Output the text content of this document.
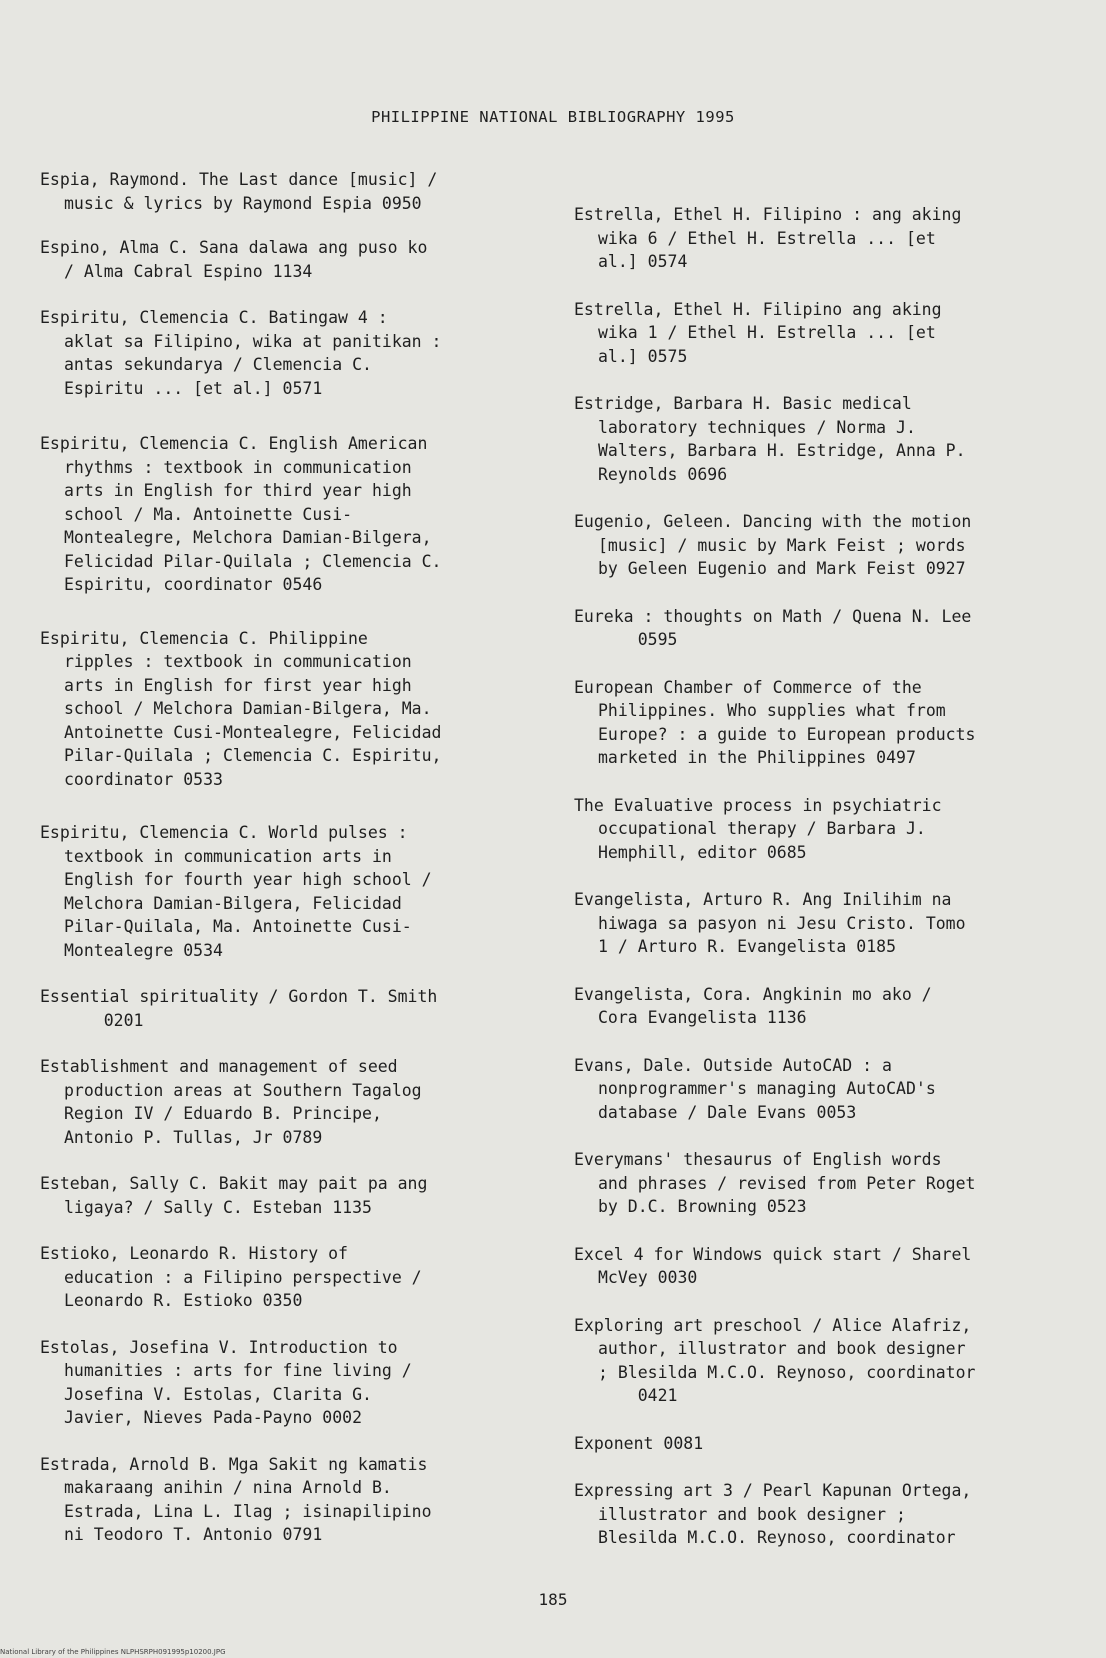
PHILIPPINE NATIONAL BIBLIOGRAPHY 1995

Espia, Raymond. The Last dance [music] /
music & lyrics by Raymond Espia 0950

Espino, Alma C. Sana dalawa ang puso ko
/ Alma Cabral Espino 1134

Espiritu, Clemencia C. Batingaw 4 :
aklat sa Filipino, wika at panitikan :
antas sekundarya / Clemencia C.
Espiritu ... [et al.] 0571

Espiritu, Clemencia C. English American
rhythms : textbook in communication
arts in English for third year high
school / Ma. Antoinette Cusi-
Montealegre, Melchora Damian-Bilgera,
Felicidad Pilar-Quilala ; Clemencia C.
Espiritu, coordinator 0546

Espiritu, Clemencia C. Philippine
ripples : textbook in communication
arts in English for first year high
school / Melchora Damian-Bilgera, Ma.
Antoinette Cusi-Montealegre, Felicidad
Pilar-Quilala ; Clemencia C. Espiritu,
coordinator 0533

Espiritu, Clemencia C. World pulses :
textbook in communication arts in
English for fourth year high school /
Melchora Damian-Bilgera, Felicidad
Pilar-Quilala, Ma. Antoinette Cusi-
Montealegre 0534

Essential spirituality / Gordon T. Smith
0201

Establishment and management of seed
production areas at Southern Tagalog
Region IV / Eduardo B. Principe,
Antonio P. Tullas, Jr 0789

Esteban, Sally C. Bakit may pait pa ang
ligaya? / Sally C. Esteban 1135

Estioko, Leonardo R. History of
education : a Filipino perspective /
Leonardo R. Estioko 0350

Estolas, Josefina V. Introduction to
humanities : arts for fine living /
Josefina V. Estolas, Clarita G.
Javier, Nieves Pada-Payno 0002

Estrada, Arnold B. Mga Sakit ng kamatis
makaraang anihin / nina Arnold B.
Estrada, Lina L. Ilag ; isinapilipino
ni Teodoro T. Antonio 0791

Estrella, Ethel H. Filipino : ang aking
wika 6 / Ethel H. Estrella ... [et
al.] 0574

Estrella, Ethel H. Filipino ang aking
wika 1 / Ethel H. Estrella ... [et
al.] 0575

Estridge, Barbara H. Basic medical
laboratory techniques / Norma J.
Walters, Barbara H. Estridge, Anna P.
Reynolds 0696

Eugenio, Geleen. Dancing with the motion
[music] / music by Mark Feist ; words
by Geleen Eugenio and Mark Feist 0927

Eureka : thoughts on Math / Quena N. Lee
0595

European Chamber of Commerce of the
Philippines. Who supplies what from
Europe? : a guide to European products
marketed in the Philippines 0497

The Evaluative process in psychiatric
occupational therapy / Barbara J.
Hemphill, editor 0685

Evangelista, Arturo R. Ang Inilihim na
hiwaga sa pasyon ni Jesu Cristo. Tomo
1 / Arturo R. Evangelista 0185

Evangelista, Cora. Angkinin mo ako /
Cora Evangelista 1136

Evans, Dale. Outside AutoCAD : a
nonprogrammer's managing AutoCAD's
database / Dale Evans 0053

Everymans' thesaurus of English words
and phrases / revised from Peter Roget
by D.C. Browning 0523

Excel 4 for Windows quick start / Sharel
McVey 0030

Exploring art preschool / Alice Alafriz,
author, illustrator and book designer
; Blesilda M.C.O. Reynoso, coordinator
0421

Exponent 0081

Expressing art 3 / Pearl Kapunan Ortega,
illustrator and book designer ;
Blesilda M.C.O. Reynoso, coordinator

185
National Library of the Philippines NLPHSRPH091995p10200.JPG
